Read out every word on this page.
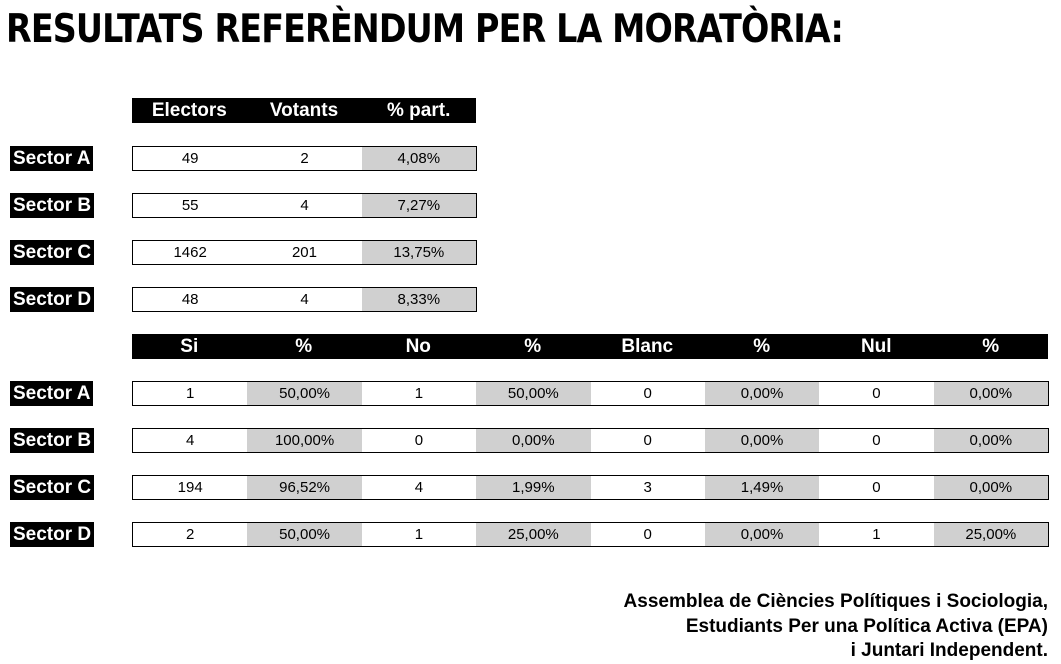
RESULTATS REFERÈNDUM PER LA MORATÒRIA:
Electors	Votants	% part.
Sector A	49	2	4,08%
Sector B	55	4	7,27%
Sector C	1462	201	13,75%
Sector D	48	4	8,33%
Si	%	No	%	Blanc	%	Nul	%
Sector A	1	50,00%	1	50,00%	0	0,00%	0	0,00%
Sector B	4	100,00%	0	0,00%	0	0,00%	0	0,00%
Sector C	194	96,52%	4	1,99%	3	1,49%	0	0,00%
Sector D	2	50,00%	1	25,00%	0	0,00%	1	25,00%
Assemblea de Ciències Polítiques i Sociologia,
Estudiants Per una Política Activa (EPA)
i Juntari Independent.
